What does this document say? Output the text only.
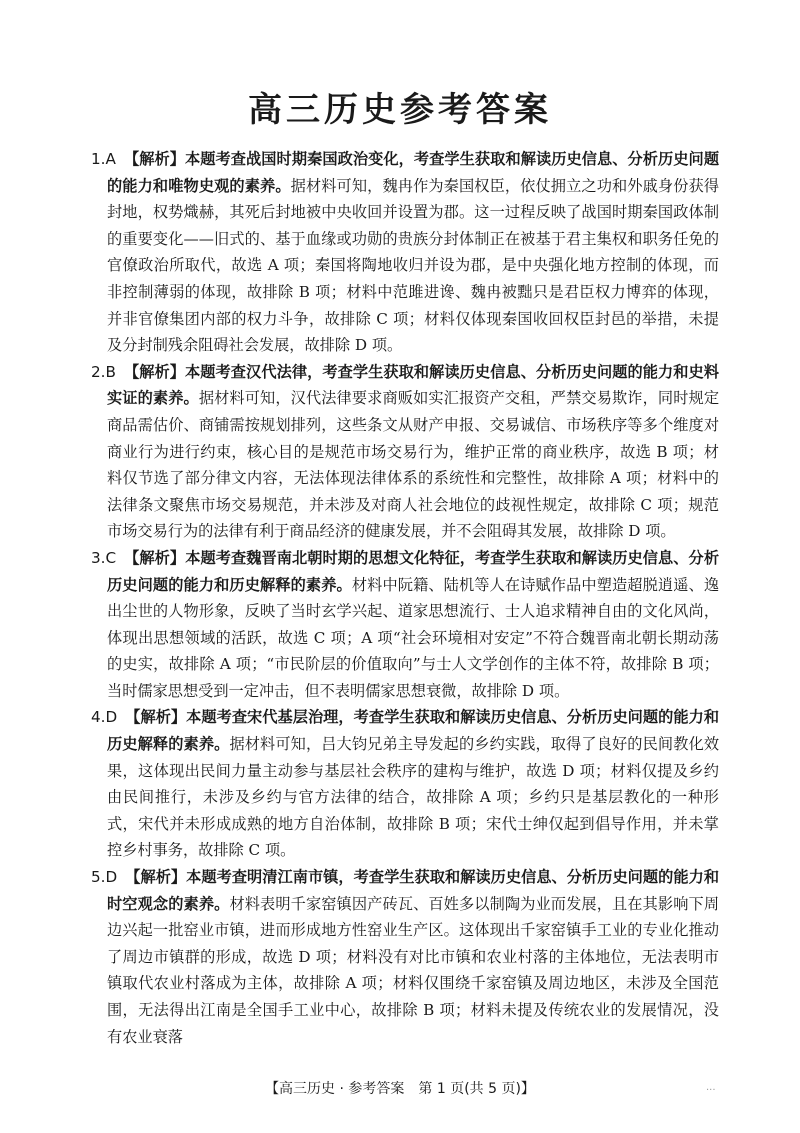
高三历史参考答案

1.A 【解析】本题考查战国时期秦国政治变化，考查学生获取和解读历史信息、分析历史问题的能力和唯物史观的素养。据材料可知，魏冉作为秦国权臣，依仗拥立之功和外戚身份获得封地，权势熾赫，其死后封地被中央收回并设置为郡。这一过程反映了战国时期秦国政体制的重要变化——旧式的、基于血缘或功勋的贵族分封体制正在被基于君主集权和职务任免的官僚政治所取代，故选 A 项；秦国将陶地收归并设为郡，是中央强化地方控制的体现，而非控制薄弱的体现，故排除 B 项；材料中范雎进谗、魏冉被黜只是君臣权力博弈的体现，并非官僚集团内部的权力斗争，故排除 C 项；材料仅体现秦国收回权臣封邑的举措，未提及分封制残余阻碍社会发展，故排除 D 项。

2.B 【解析】本题考查汉代法律，考查学生获取和解读历史信息、分析历史问题的能力和史料实证的素养。据材料可知，汉代法律要求商贩如实汇报资产交租，严禁交易欺诈，同时规定商品需估价、商铺需按规划排列，这些条文从财产申报、交易诚信、市场秩序等多个维度对商业行为进行约束，核心目的是规范市场交易行为，维护正常的商业秩序，故选 B 项；材料仅节选了部分律文内容，无法体现法律体系的系统性和完整性，故排除 A 项；材料中的法律条文聚焦市场交易规范，并未涉及对商人社会地位的歧视性规定，故排除 C 项；规范市场交易行为的法律有利于商品经济的健康发展，并不会阻碍其发展，故排除 D 项。

3.C 【解析】本题考查魏晋南北朝时期的思想文化特征，考查学生获取和解读历史信息、分析历史问题的能力和历史解释的素养。材料中阮籍、陆机等人在诗赋作品中塑造超脱逍遥、逸出尘世的人物形象，反映了当时玄学兴起、道家思想流行、士人追求精神自由的文化风尚，体现出思想领域的活跃，故选 C 项；A 项“社会环境相对安定”不符合魏晋南北朝长期动荡的史实，故排除 A 项；“市民阶层的价值取向”与士人文学创作的主体不符，故排除 B 项；当时儒家思想受到一定冲击，但不表明儒家思想衰微，故排除 D 项。

4.D 【解析】本题考查宋代基层治理，考查学生获取和解读历史信息、分析历史问题的能力和历史解释的素养。据材料可知，吕大钧兄弟主导发起的乡约实践，取得了良好的民间教化效果，这体现出民间力量主动参与基层社会秩序的建构与维护，故选 D 项；材料仅提及乡约由民间推行，未涉及乡约与官方法律的结合，故排除 A 项；乡约只是基层教化的一种形式，宋代并未形成成熟的地方自治体制，故排除 B 项；宋代士绅仅起到倡导作用，并未掌控乡村事务，故排除 C 项。

5.D 【解析】本题考查明清江南市镇，考查学生获取和解读历史信息、分析历史问题的能力和时空观念的素养。材料表明千家窑镇因产砖瓦、百姓多以制陶为业而发展，且在其影响下周边兴起一批窑业市镇，进而形成地方性窑业生产区。这体现出千家窑镇手工业的专业化推动了周边市镇群的形成，故选 D 项；材料没有对比市镇和农业村落的主体地位，无法表明市镇取代农业村落成为主体，故排除 A 项；材料仅围绕千家窑镇及周边地区，未涉及全国范围，无法得出江南是全国手工业中心，故排除 B 项；材料未提及传统农业的发展情况，没有农业衰落

【高三历史 · 参考答案　第 1 页(共 5 页)】	...
